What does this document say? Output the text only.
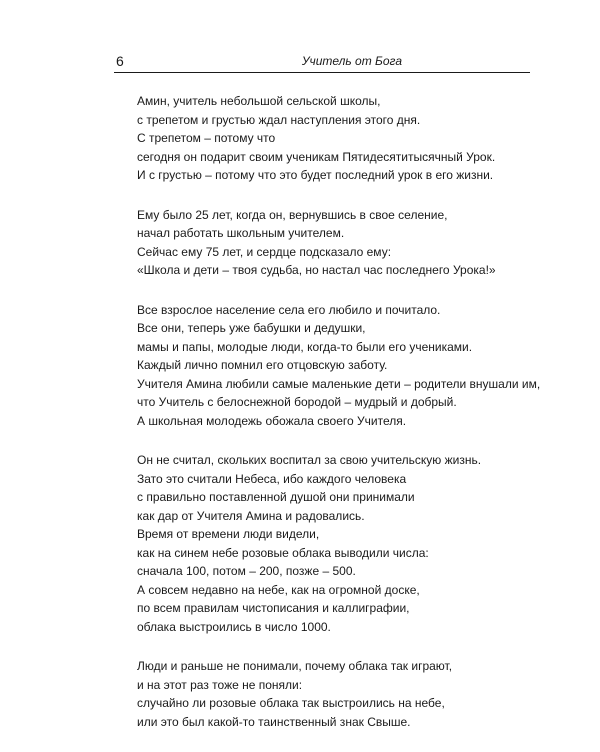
6	Учитель от Бога
Амин, учитель небольшой сельской школы,
с трепетом и грустью ждал наступления этого дня.
С трепетом – потому что
сегодня он подарит своим ученикам Пятидесятитысячный Урок.
И с грустью – потому что это будет последний урок в его жизни.
Ему было 25 лет, когда он, вернувшись в свое селение,
начал работать школьным учителем.
Сейчас ему 75 лет, и сердце подсказало ему:
«Школа и дети – твоя судьба, но настал час последнего Урока!»
Все взрослое население села его любило и почитало.
Все они, теперь уже бабушки и дедушки,
мамы и папы, молодые люди, когда-то были его учениками.
Каждый лично помнил его отцовскую заботу.
Учителя Амина любили самые маленькие дети – родители внушали им,
что Учитель с белоснежной бородой – мудрый и добрый.
А школьная молодежь обожала своего Учителя.
Он не считал, скольких воспитал за свою учительскую жизнь.
Зато это считали Небеса, ибо каждого человека
с правильно поставленной душой они принимали
как дар от Учителя Амина и радовались.
Время от времени люди видели,
как на синем небе розовые облака выводили числа:
сначала 100, потом – 200, позже – 500.
А совсем недавно на небе, как на огромной доске,
по всем правилам чистописания и каллиграфии,
облака выстроились в число 1000.
Люди и раньше не понимали, почему облака так играют,
и на этот раз тоже не поняли:
случайно ли розовые облака так выстроились на небе,
или это был какой-то таинственный знак Свыше.
